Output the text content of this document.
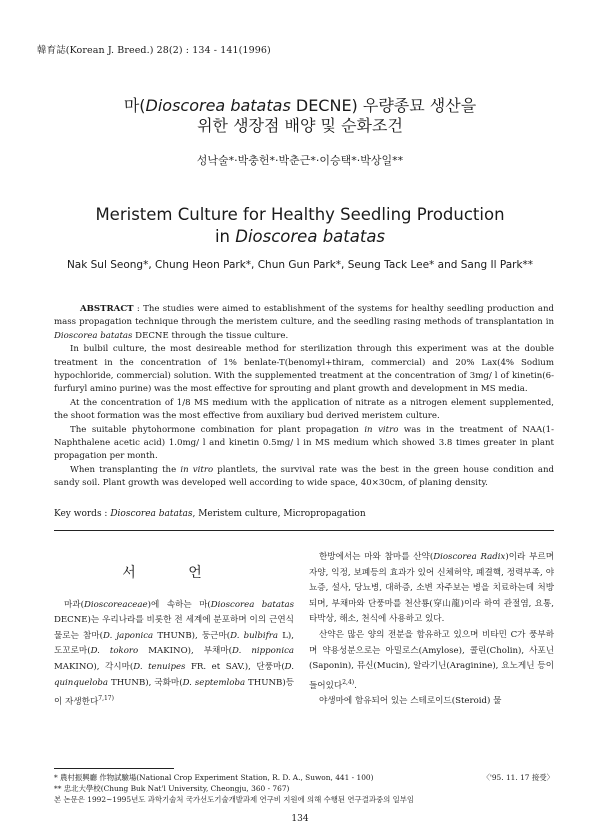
韓育誌(Korean J. Breed.) 28(2) : 134 - 141(1996)
마(Dioscorea batatas DECNE) 우량종묘 생산을
위한 생장점 배양 및 순화조건
성낙술*·박충헌*·박춘근*·이승택*·박상일**
Meristem Culture for Healthy Seedling Production
in Dioscorea batatas
Nak Sul Seong*, Chung Heon Park*, Chun Gun Park*, Seung Tack Lee* and Sang Il Park**

ABSTRACT : The studies were aimed to establishment of the systems for healthy seedling production and mass propagation technique through the meristem culture, and the seedling rasing methods of transplantation in Dioscorea batatas DECNE through the tissue culture.

In bulbil culture, the most desireable method for sterilization through this experiment was at the double treatment in the concentration of 1% benlate-T(benomyl+thiram, commercial) and 20% Lax(4% Sodium hypochloride, commercial) solution. With the supplemented treatment at the concentration of 3mg/ l of kinetin(6-furfuryl amino purine) was the most effective for sprouting and plant growth and development in MS media.

At the concentration of 1/8 MS medium with the application of nitrate as a nitrogen element supplemented, the shoot formation was the most effective from auxiliary bud derived meristem culture.

The suitable phytohormone combination for plant propagation in vitro was in the treatment of NAA(1-Naphthalene acetic acid) 1.0mg/ l and kinetin 0.5mg/ l in MS medium which showed 3.8 times greater in plant propagation per month.

When transplanting the in vitro plantlets, the survival rate was the best in the green house condition and sandy soil. Plant growth was developed well according to wide space, 40×30cm, of planing density.

Key words : Dioscorea batatas, Meristem culture, Micropropagation
서 언

마과(Dioscoreaceae)에 속하는 마(Dioscorea batatas DECNE)는 우리나라를 비롯한 전 세계에 분포하며 이의 근연식물로는 참마(D. japonica THUNB), 둥근마(D. bulbifra L), 도꼬로마(D. tokoro MAKINO), 부채마(D. nipponica MAKINO), 각시마(D. tenuipes FR. et SAV.), 단풍마(D. quinqueloba THUNB), 국화마(D. septemloba THUNB)등이 자생한다$^{7,17)}$

한방에서는 마와 참마를 산약(Dioscorea Radix)이라 부르며 자양, 익정, 보폐등의 효과가 있어 신체허약, 폐결핵, 정력부족, 야뇨증, 설사, 당뇨병, 대하증, 소변 자주보는 병을 치료하는데 처방되며, 부채마와 단풍마를 천산룡(穿山龍)이라 하여 관절염, 요통, 타박상, 해소, 천식에 사용하고 있다.

산약은 많은 양의 전분을 함유하고 있으며 비타민 C가 풍부하며 약용성분으로는 아밀로스(Amylose), 콜린(Cholin), 사포닌(Saponin), 뮤신(Mucin), 알라기닌(Araginine), 요노게닌 등이 들어있다$^{2,4)}$.

야생마에 함유되어 있는 스테로이드(Steroid) 물

* 農村振興廳 作物試驗場(National Crop Experiment Station, R. D. A., Suwon, 441 - 100)	〈'95. 11. 17 接受〉
** 忠北大學校(Chung Buk Nat'l University, Cheongju, 360 - 767)
본 논문은 1992~1995년도 과학기술처 국가선도기술개발과제 연구비 지원에 의해 수행된 연구결과중의 일부임
134
